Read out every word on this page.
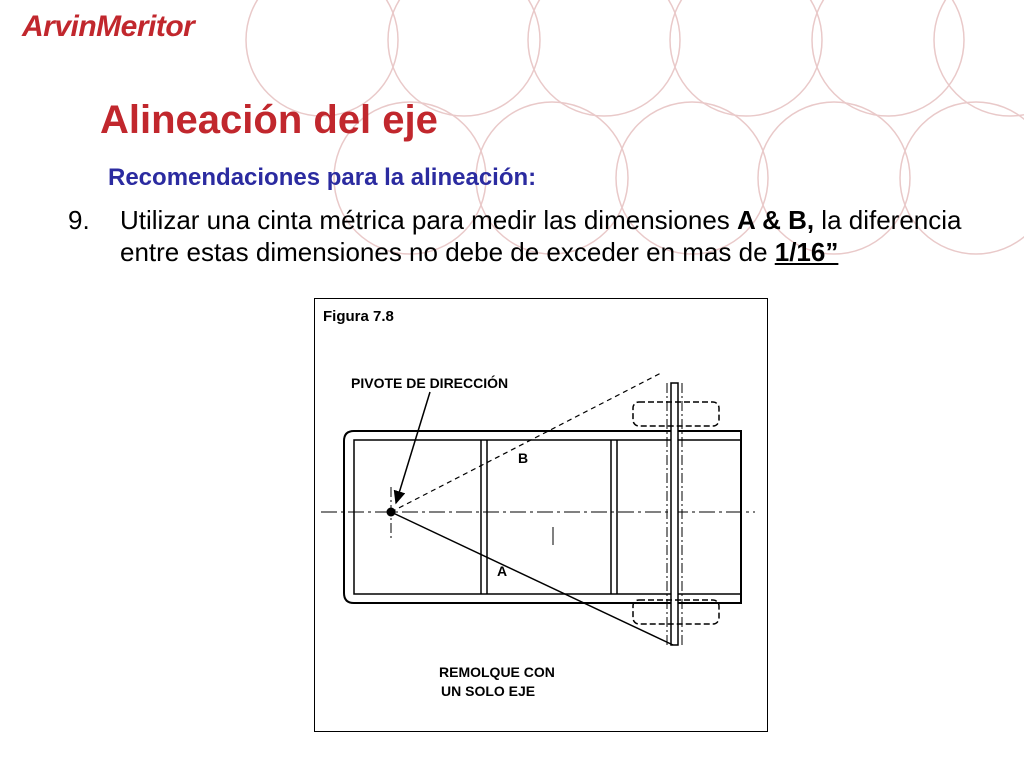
ArvinMeritor
Alineación del eje
Recomendaciones para la alineación:
9. Utilizar una cinta métrica para medir las dimensiones A & B, la diferencia entre estas dimensiones no debe de exceder en mas de 1/16”
Figura 7.8
PIVOTE DE DIRECCIÓN
B
A
REMOLQUE CON
UN SOLO EJE
